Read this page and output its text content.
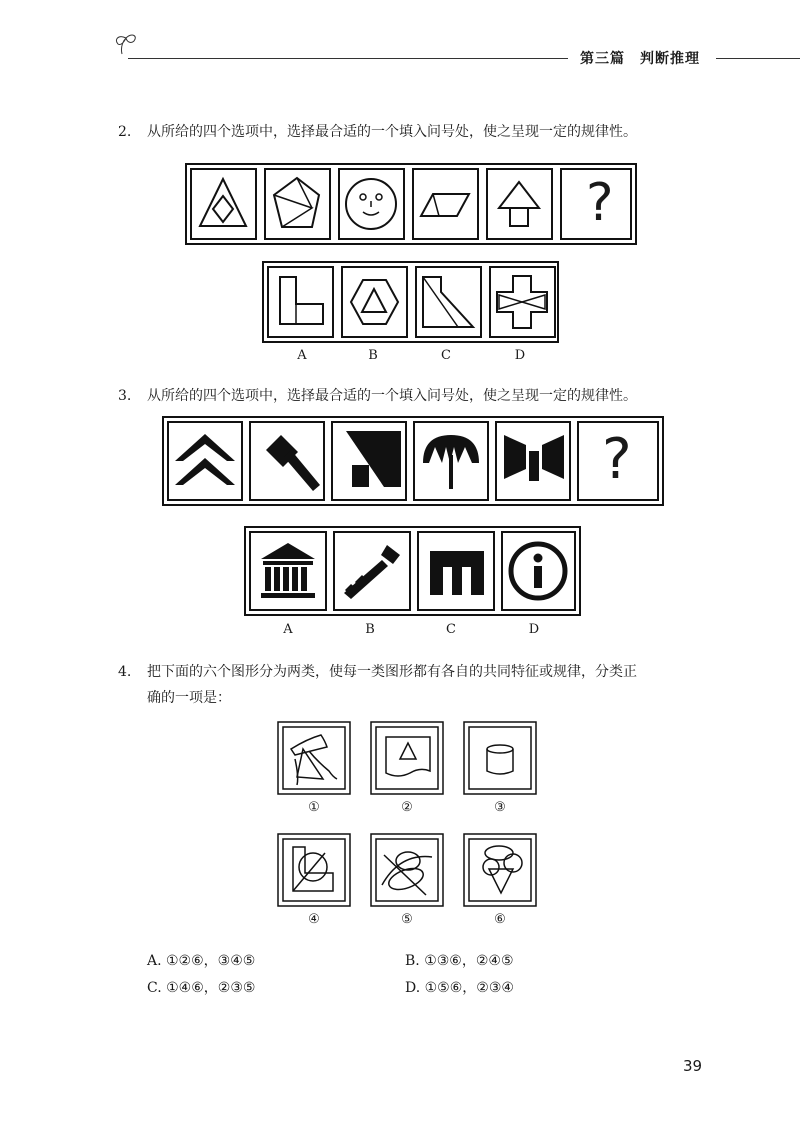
第三篇　判断推理
2. 从所给的四个选项中，选择最合适的一个填入问号处，使之呈现一定的规律性。
?
A	B	C	D
3. 从所给的四个选项中，选择最合适的一个填入问号处，使之呈现一定的规律性。
?
A	B	C	D
4. 把下面的六个图形分为两类，使每一类图形都有各自的共同特征或规律，分类正
确的一项是：
①	②	③
④	⑤	⑥
A. ①②⑥，③④⑤	B. ①③⑥，②④⑤
C. ①④⑥，②③⑤	D. ①⑤⑥，②③④
39
